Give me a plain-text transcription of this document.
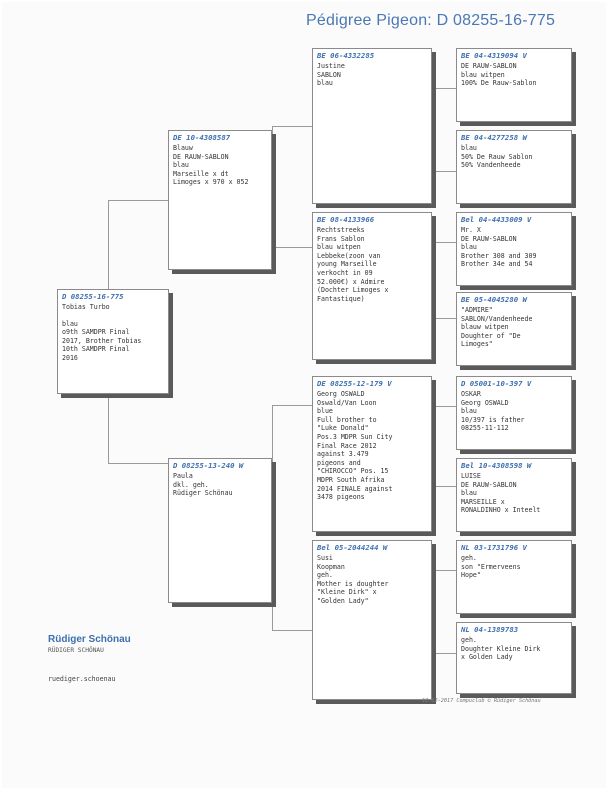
Pédigree Pigeon: D 08255-16-775
D 08255-16-775
Tobias Turbo
blau
o9th SAMDPR Final
2017, Brother Tobias
10th SAMDPR Final
2016
DE 10-4308587
Blauw
DE RAUW-SABLON
blau
Marseille x dt
Limoges x 970 x 052
D 08255-13-240 W
Paula
dkl. geh.
Rüdiger Schönau
BE 06-4332285
Justine
SABLON
blau
BE 08-4133966
Rechtstreeks
Frans Sablon
blau witpen
Lebbeke(zoon van
young Marseille
verkocht in 09
52.000€) x Admire
(Dochter Limoges x
Fantastique)
DE 08255-12-179 V
Georg OSWALD
Oswald/Van Loon
blue
Full brother to
"Luke Donald"
Pos.3 MDPR Sun City
Final Race 2012
against 3.479
pigeons and
"CHIROCCO" Pos. 15
MDPR South Afrika
2014 FINALE against
3478 pigeons
Bel 05-2044244 W
Susi
Koopman
geh.
Mother is doughter
"Kleine Dirk" x
"Golden Lady"
BE 04-4319094 V
DE RAUW-SABLON
blau witpen
100% De Rauw-Sablon
BE 04-4277258 W
blau
50% De Rauw Sablon
50% Vandenheede
Bel 04-4433009 V
Mr. X
DE RAUW-SABLON
blau
Brother 308 and 309
Brother 34e and 54
BE 05-4045280 W
"ADMIRE"
SABLON/Vandenheede
blauw witpen
Doughter of "De
Limoges"
D 05001-10-397 V
OSKAR
Georg OSWALD
blau
10/397 is father
08255-11-112
Bel 10-4308598 W
LUISE
DE RAUW-SABLON
blau
MARSEILLE x
RONALDINHO x Inteelt
NL 03-1731796 V
geh.
son "Ermerveens
Hope"
NL 04-1389783
geh.
Doughter Kleine Dirk
x Golden Lady
Rüdiger Schönau
RÜDIGER SCHÖNAU
ruediger.schoenau
12-02-2017 Compuclub © Rüdiger Schönau
